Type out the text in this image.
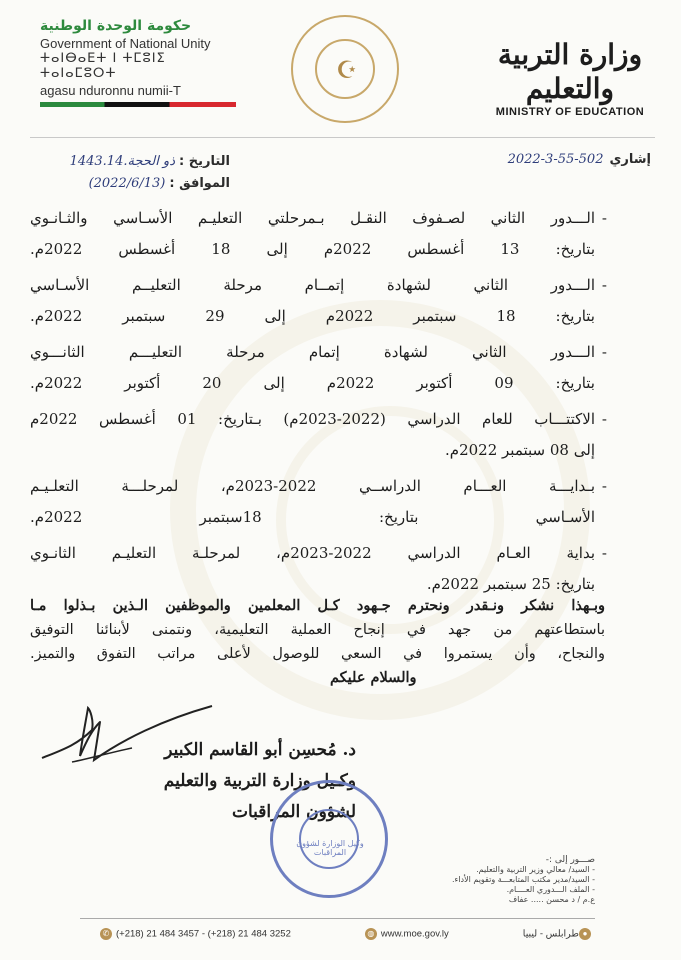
حكومة الوحدة الوطنية
Government of National Unity
ⵜⴰⵏⴱⴰⴹⵜ ⵏ ⵜⵎⵓⵏⵉ ⵜⴰⵏⴰⵎⵓⵔⵜ
agasu nduronnu numii-T
☪	وزارة التربية والتعليم
MINISTRY OF EDUCATION
التاريخ :
1443.ذو الحجة.14
الموافق :
(2022/6/13)
إشاري
2022-3-55-502
-
الـــدور الثاني لصـفوف النقـل بـمرحلتي التعليـم الأسـاسي والثـانـوي
بتاريخ: 13 أغسطس 2022م إلى 18 أغسطس 2022م.
-
الـــدور الثاني لشهادة إتمــام مرحلة التعليــم الأسـاسي
بتاريخ: 18 سبتمبر 2022م إلى 29 سبتمبر 2022م.
-
الـــدور الثاني لشهادة إتمام مرحلة التعليـــم الثانـــوي
بتاريخ: 09 أكتوبر 2022م إلى 20 أكتوبر 2022م.
-
الاكتتـــاب للعام الدراسي (2022-2023م) بـتاريخ: 01 أغسطس 2022م
إلى 08 سبتمبر 2022م.
-
بـدايـــة العـــام الدراســي 2022-2023م، لمرحلـــة التعلـيـم
الأسـاسي بتاريخ: 18سبتمبر 2022م.
-
بداية العـام الدراسي 2022-2023م، لمرحلـة التعليـم الثانـوي
بتاريخ: 25 سبتمبر 2022م.
وبـهذا نشكر ونـقدر ونحترم جـهود كـل المعلمين والموظفين الـذين بـذلوا مـا
باستطاعتهم من جهد في إنجاح العملية التعليمية، ونتمنى لأبنائنا التوفيق
والنجاح، وأن يستمروا في السعي للوصول لأعلى مراتب التفوق والتميز.
والسلام عليكم
د. مُحسِن أبو القاسم الكبير
وكـيل وزارة التربية والتعليم
لشؤون المراقبات
وكيل الوزارة لشؤون المراقبات
صـــور إلى :-
- السيد/ معالي وزير التربية والتعليم.
- السيد/مدير مكتب المتابعـــة وتقويم الأداء.
- الملف الـــدوري العــــام.
ع.م / د محسن ..... عفاف
✆ (+218) 21 484 3457 - (+218) 21 484 3252	◍ www.moe.gov.ly	●طرابلس - ليبيا
